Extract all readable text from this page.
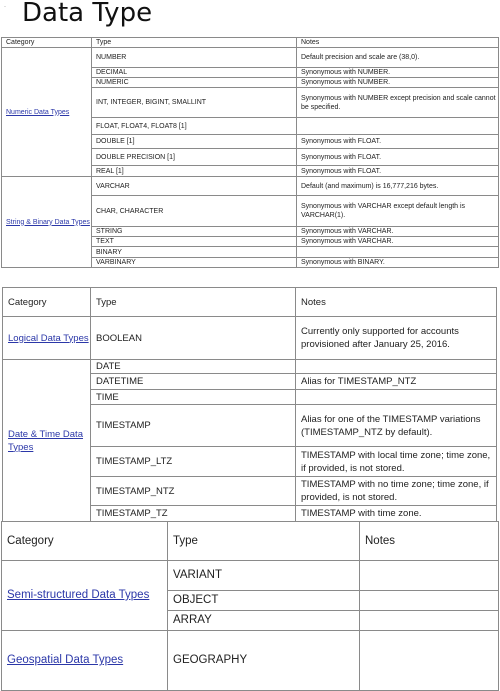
· Data Type
Category	Type	Notes
Numeric Data Types	NUMBER	Default precision and scale are (38,0).
	DECIMAL	Synonymous with NUMBER.
	NUMERIC	Synonymous with NUMBER.
	INT, INTEGER, BIGINT, SMALLINT	Synonymous with NUMBER except precision and scale cannot be specified.
	FLOAT, FLOAT4, FLOAT8 [1]	
	DOUBLE [1]	Synonymous with FLOAT.
	DOUBLE PRECISION [1]	Synonymous with FLOAT.
	REAL [1]	Synonymous with FLOAT.
String & Binary Data Types	VARCHAR	Default (and maximum) is 16,777,216 bytes.
	CHAR, CHARACTER	Synonymous with VARCHAR except default length is VARCHAR(1).
	STRING	Synonymous with VARCHAR.
	TEXT	Synonymous with VARCHAR.
	BINARY	
	VARBINARY	Synonymous with BINARY.
Category	Type	Notes
Logical Data Types	BOOLEAN	Currently only supported for accounts provisioned after January 25, 2016.
Date & Time Data Types	DATE	
	DATETIME	Alias for TIMESTAMP_NTZ
	TIME	
	TIMESTAMP	Alias for one of the TIMESTAMP variations (TIMESTAMP_NTZ by default).
	TIMESTAMP_LTZ	TIMESTAMP with local time zone; time zone, if provided, is not stored.
	TIMESTAMP_NTZ	TIMESTAMP with no time zone; time zone, if provided, is not stored.
	TIMESTAMP_TZ	TIMESTAMP with time zone.
Category	Type	Notes
Semi-structured Data Types	VARIANT	
	OBJECT	
	ARRAY	
Geospatial Data Types	GEOGRAPHY	
